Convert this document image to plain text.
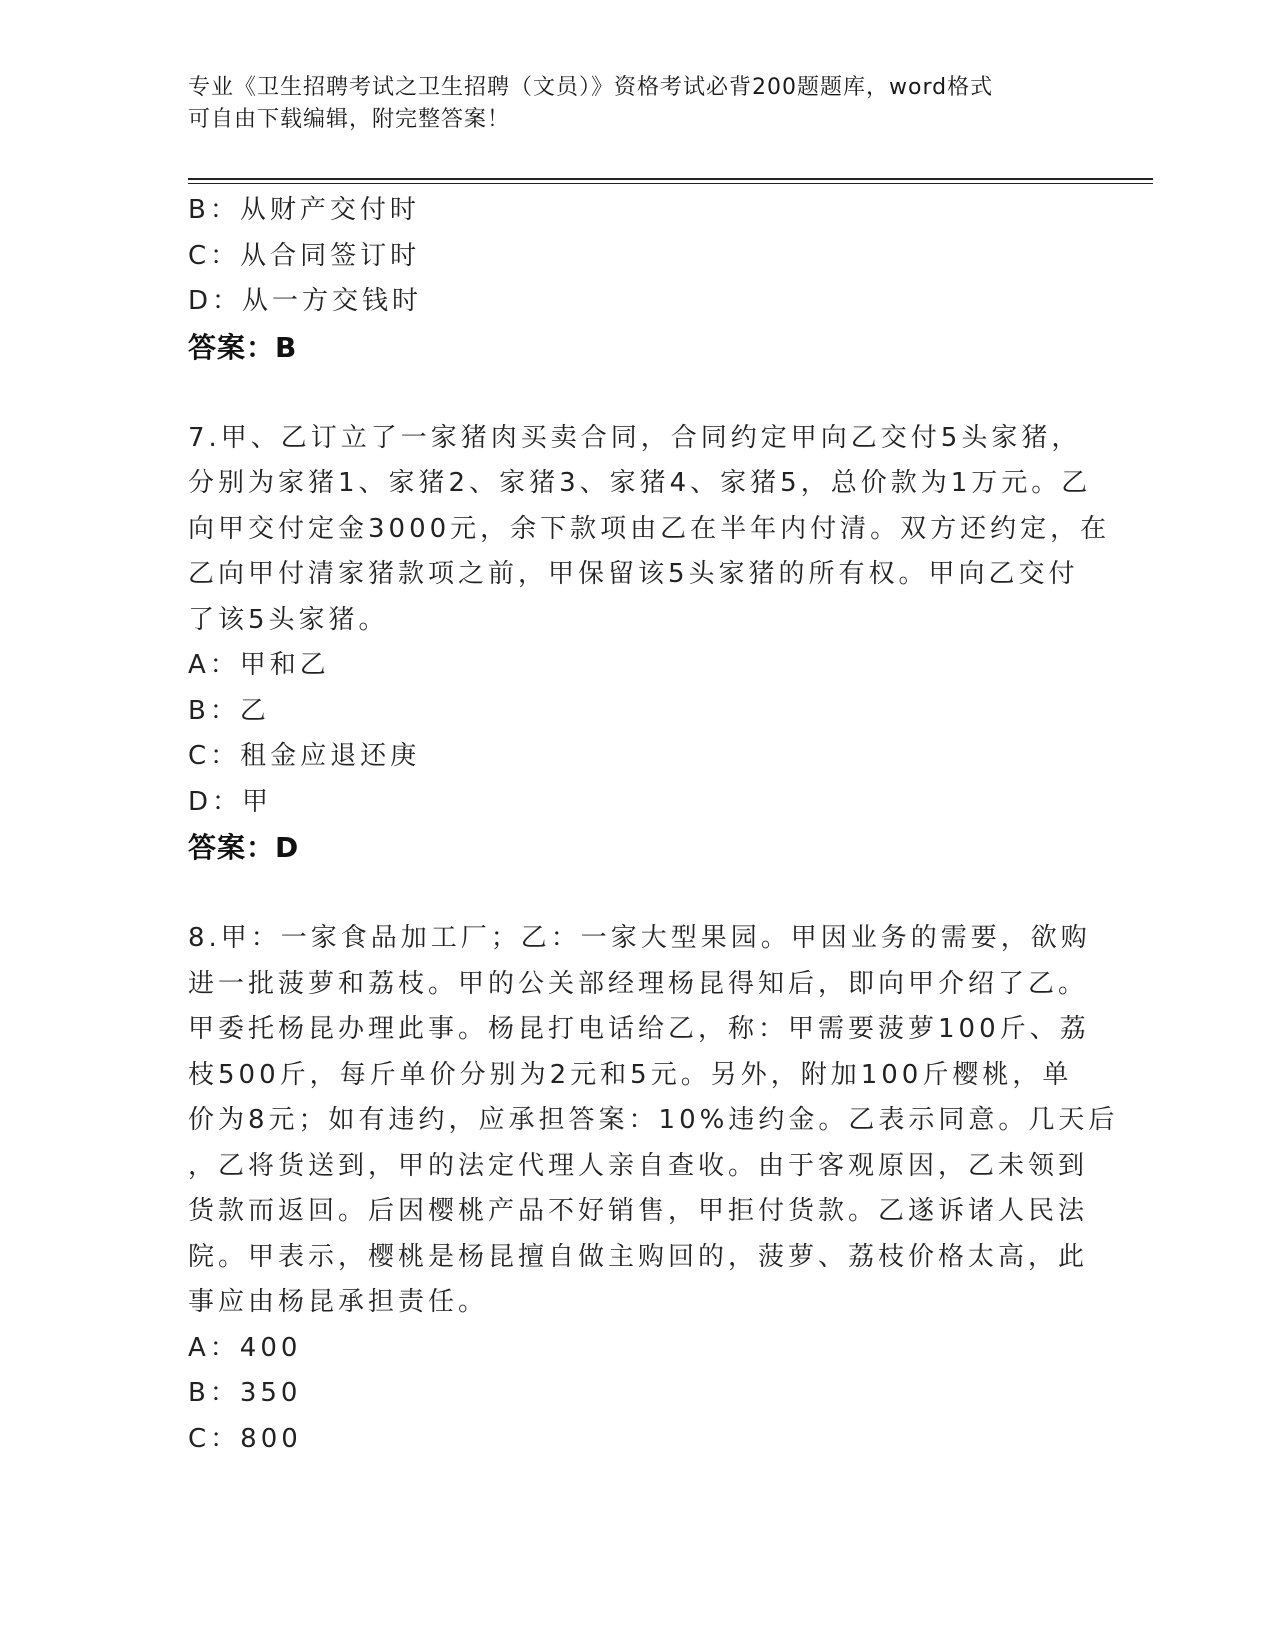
专业《卫生招聘考试之卫生招聘（文员）》资格考试必背200题题库，word格式
可自由下载编辑，附完整答案！
B：从财产交付时
C：从合同签订时
D：从一方交钱时
答案：B
7.甲、乙订立了一家猪肉买卖合同，合同约定甲向乙交付5头家猪，
分别为家猪1、家猪2、家猪3、家猪4、家猪5，总价款为1万元。乙
向甲交付定金3000元，余下款项由乙在半年内付清。双方还约定，在
乙向甲付清家猪款项之前，甲保留该5头家猪的所有权。甲向乙交付
了该5头家猪。
A：甲和乙
B：乙
C：租金应退还庚
D：甲
答案：D
8.甲：一家食品加工厂；乙：一家大型果园。甲因业务的需要，欲购
进一批菠萝和荔枝。甲的公关部经理杨昆得知后，即向甲介绍了乙。
甲委托杨昆办理此事。杨昆打电话给乙，称：甲需要菠萝100斤、荔
枝500斤，每斤单价分别为2元和5元。另外，附加100斤樱桃，单
价为8元；如有违约，应承担答案：10%违约金。乙表示同意。几天后
，乙将货送到，甲的法定代理人亲自查收。由于客观原因，乙未领到
货款而返回。后因樱桃产品不好销售，甲拒付货款。乙遂诉诸人民法
院。甲表示，樱桃是杨昆擅自做主购回的，菠萝、荔枝价格太高，此
事应由杨昆承担责任。
A：400
B：350
C：800
